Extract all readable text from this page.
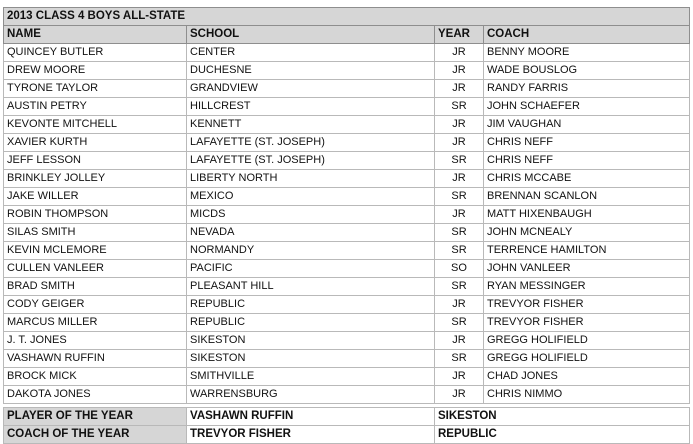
2013 CLASS 4 BOYS ALL-STATE			
NAME	SCHOOL	YEAR	COACH
QUINCEY BUTLER	CENTER	JR	BENNY MOORE
DREW MOORE	DUCHESNE	JR	WADE BOUSLOG
TYRONE TAYLOR	GRANDVIEW	JR	RANDY FARRIS
AUSTIN PETRY	HILLCREST	SR	JOHN SCHAEFER
KEVONTE MITCHELL	KENNETT	JR	JIM VAUGHAN
XAVIER KURTH	LAFAYETTE (ST. JOSEPH)	JR	CHRIS NEFF
JEFF LESSON	LAFAYETTE (ST. JOSEPH)	SR	CHRIS NEFF
BRINKLEY JOLLEY	LIBERTY NORTH	JR	CHRIS MCCABE
JAKE WILLER	MEXICO	SR	BRENNAN SCANLON
ROBIN THOMPSON	MICDS	JR	MATT HIXENBAUGH
SILAS SMITH	NEVADA	SR	JOHN MCNEALY
KEVIN MCLEMORE	NORMANDY	SR	TERRENCE HAMILTON
CULLEN VANLEER	PACIFIC	SO	JOHN VANLEER
BRAD SMITH	PLEASANT HILL	SR	RYAN MESSINGER
CODY GEIGER	REPUBLIC	JR	TREVYOR FISHER
MARCUS MILLER	REPUBLIC	SR	TREVYOR FISHER
J. T. JONES	SIKESTON	JR	GREGG HOLIFIELD
VASHAWN RUFFIN	SIKESTON	SR	GREGG HOLIFIELD
BROCK MICK	SMITHVILLE	JR	CHAD JONES
DAKOTA JONES	WARRENSBURG	JR	CHRIS NIMMO

PLAYER OF THE YEAR	VASHAWN RUFFIN	SIKESTON	
COACH OF THE YEAR	TREVYOR FISHER	REPUBLIC	
